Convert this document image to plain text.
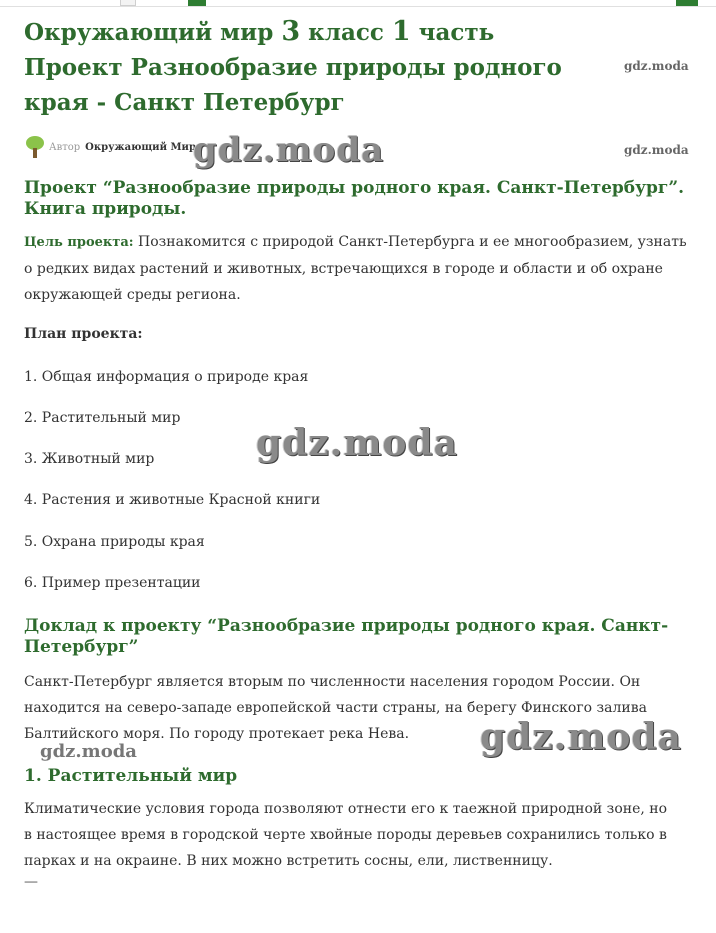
Окружающий мир 3 класс 1 часть Проект Разнообразие природы родного края - Санкт Петербург
gdz.moda
gdz.moda
Автор Окружающий Мир
gdz.moda
Проект “Разнообразие природы родного края. Санкт-Петербург”. Книга природы.

Цель проекта: Познакомится с природой Санкт-Петербурга и ее многообразием, узнать о редких видах растений и животных, встречающихся в городе и области и об охране окружающей среды региона.

План проекта:
1. Общая информация о природе края
2. Растительный мир
3. Животный мир
4. Растения и животные Красной книги
5. Охрана природы края
6. Пример презентации
gdz.moda
Доклад к проекту “Разнообразие природы родного края. Санкт-Петербург”

Санкт-Петербург является вторым по численности населения городом России. Он находится на северо-западе европейской части страны, на берегу Финского залива Балтийского моря. По городу протекает река Нева.

gdz.moda	gdz.moda
1. Растительный мир

Климатические условия города позволяют отнести его к таежной природной зоне, но в настоящее время в городской черте хвойные породы деревьев сохранились только в парках и на окраине. В них можно встретить сосны, ели, лиственницу.

—
